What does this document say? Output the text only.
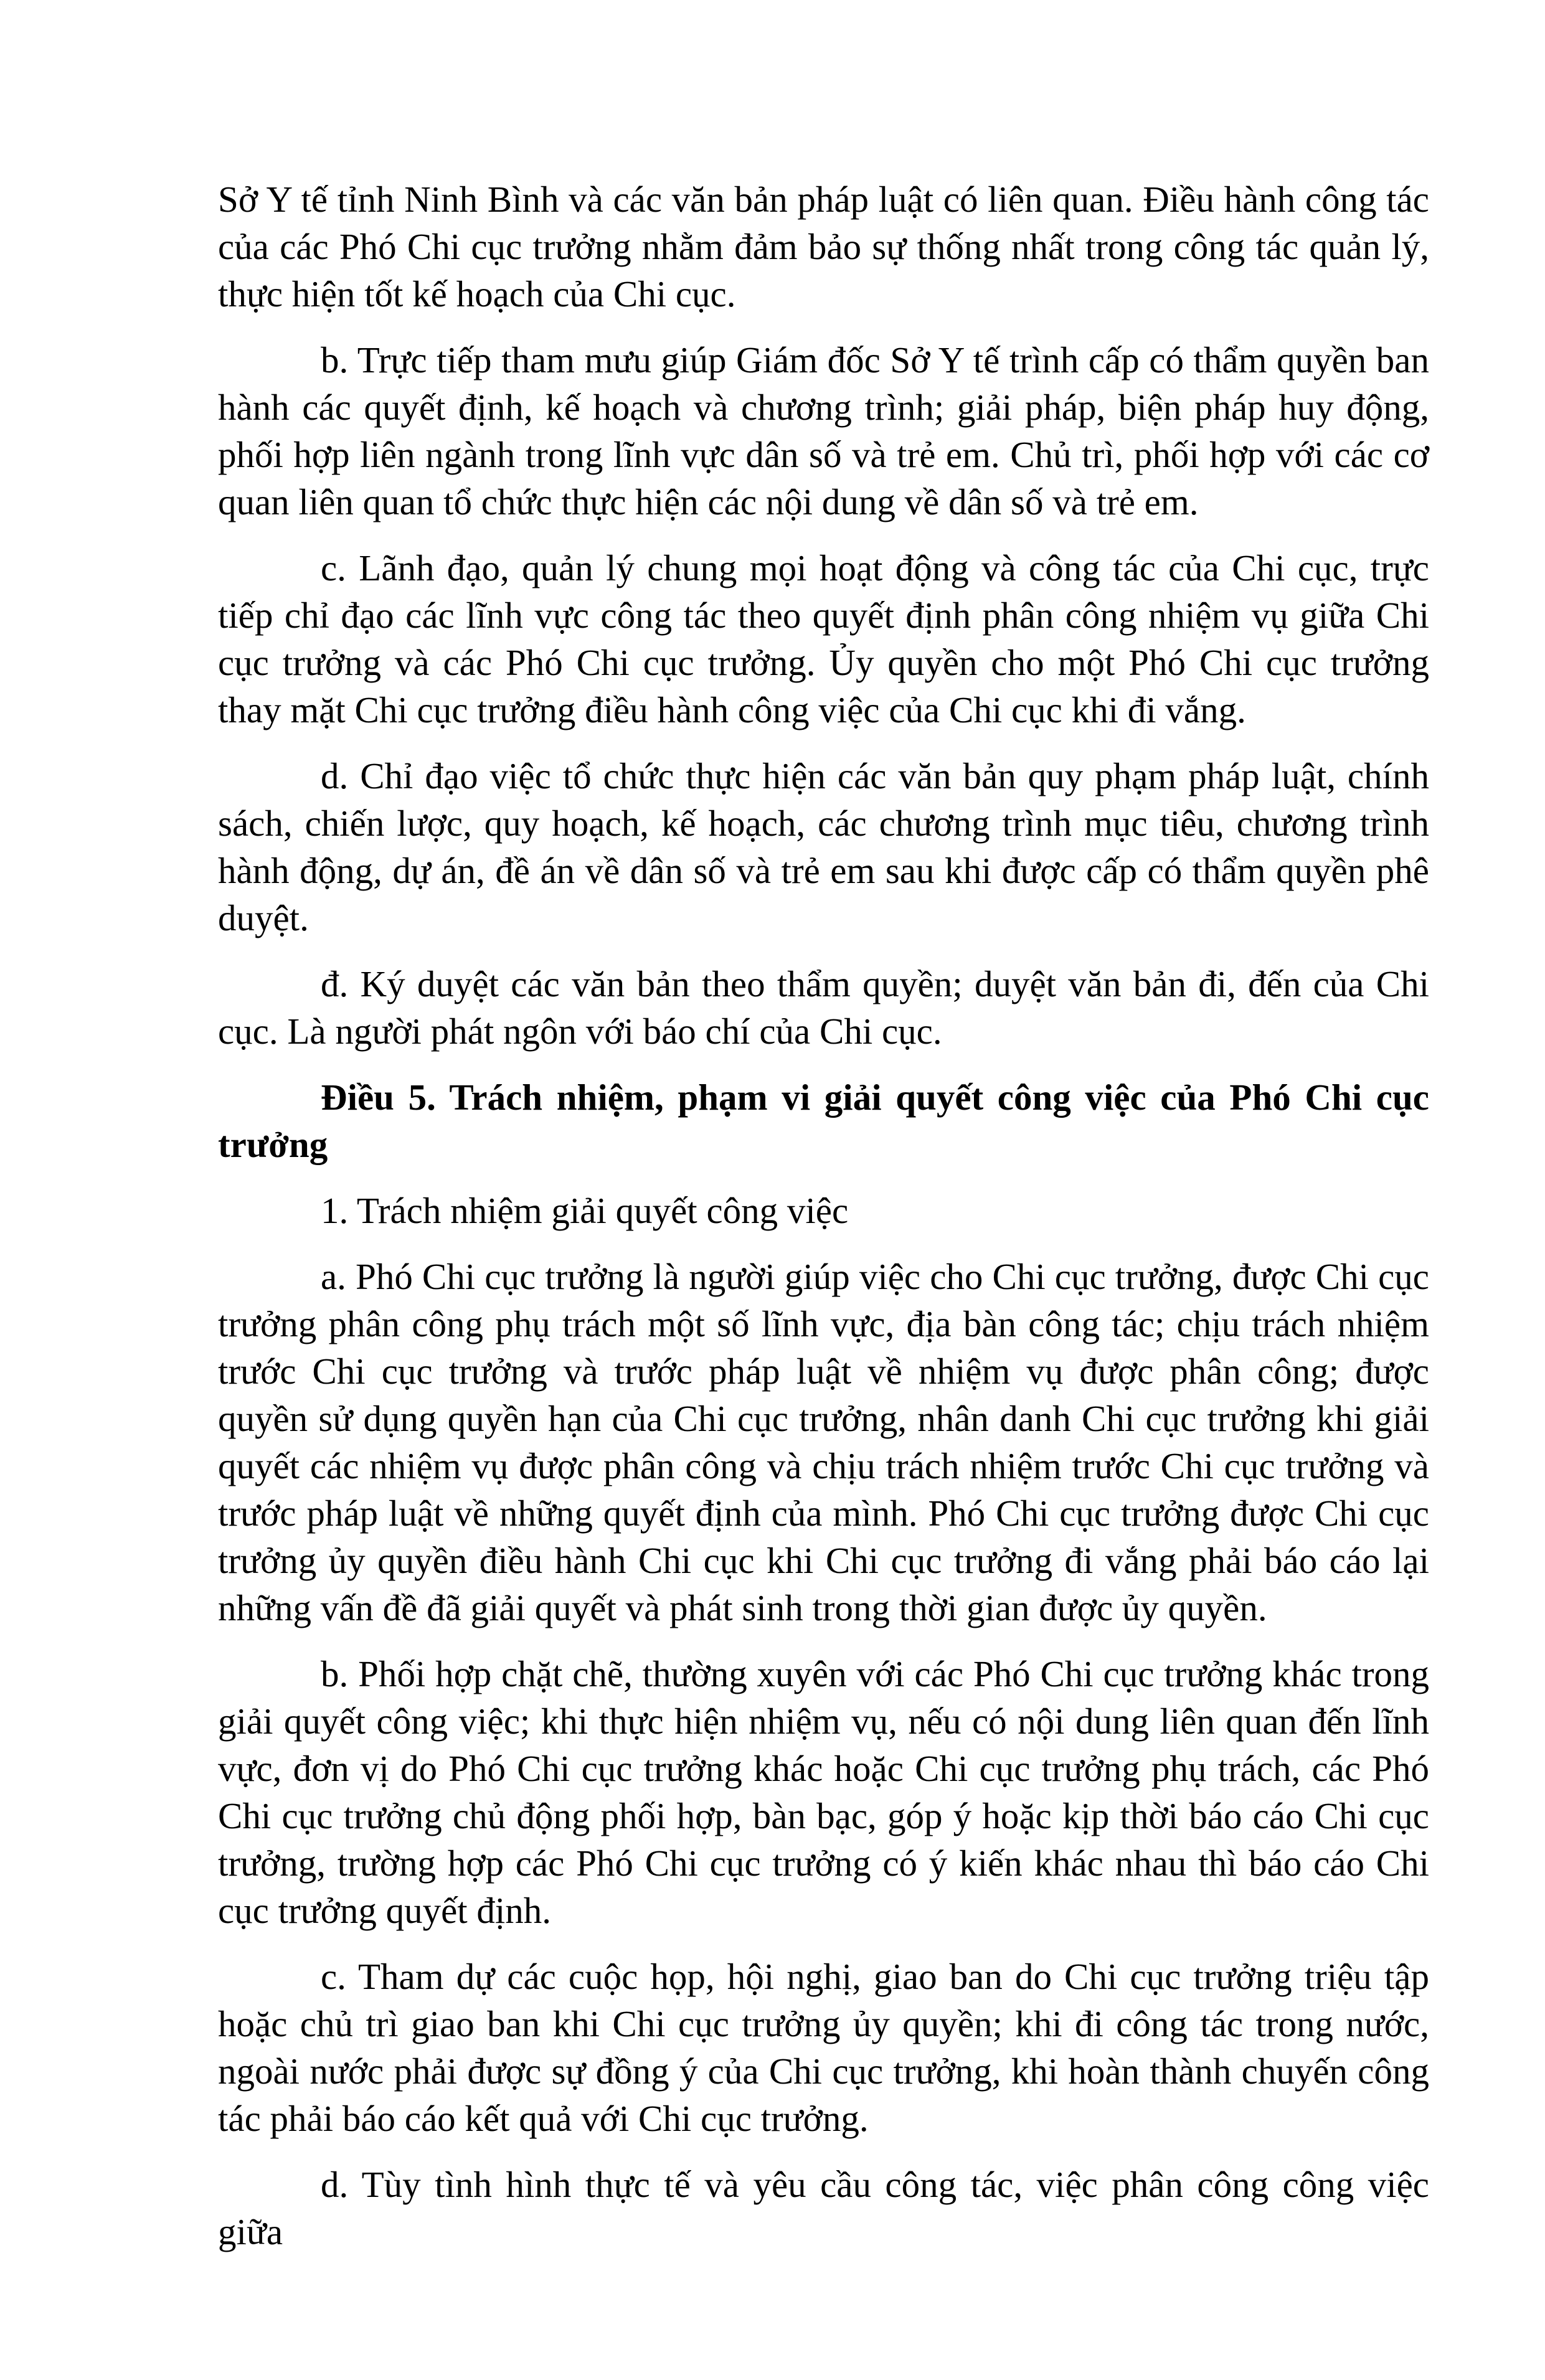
Sở Y tế tỉnh Ninh Bình và các văn bản pháp luật có liên quan. Điều hành công tác của các Phó Chi cục trưởng nhằm đảm bảo sự thống nhất trong công tác quản lý, thực hiện tốt kế hoạch của Chi cục.

b. Trực tiếp tham mưu giúp Giám đốc Sở Y tế trình cấp có thẩm quyền ban hành các quyết định, kế hoạch và chương trình; giải pháp, biện pháp huy động, phối hợp liên ngành trong lĩnh vực dân số và trẻ em. Chủ trì, phối hợp với các cơ quan liên quan tổ chức thực hiện các nội dung về dân số và trẻ em.

c. Lãnh đạo, quản lý chung mọi hoạt động và công tác của Chi cục, trực tiếp chỉ đạo các lĩnh vực công tác theo quyết định phân công nhiệm vụ giữa Chi cục trưởng và các Phó Chi cục trưởng. Ủy quyền cho một Phó Chi cục trưởng thay mặt Chi cục trưởng điều hành công việc của Chi cục khi đi vắng.

d. Chỉ đạo việc tổ chức thực hiện các văn bản quy phạm pháp luật, chính sách, chiến lược, quy hoạch, kế hoạch, các chương trình mục tiêu, chương trình hành động, dự án, đề án về dân số và trẻ em sau khi được cấp có thẩm quyền phê duyệt.

đ. Ký duyệt các văn bản theo thẩm quyền; duyệt văn bản đi, đến của Chi cục. Là người phát ngôn với báo chí của Chi cục.

Điều 5. Trách nhiệm, phạm vi giải quyết công việc của Phó Chi cục trưởng

1. Trách nhiệm giải quyết công việc

a. Phó Chi cục trưởng là người giúp việc cho Chi cục trưởng, được Chi cục trưởng phân công phụ trách một số lĩnh vực, địa bàn công tác; chịu trách nhiệm trước Chi cục trưởng và trước pháp luật về nhiệm vụ được phân công; được quyền sử dụng quyền hạn của Chi cục trưởng, nhân danh Chi cục trưởng khi giải quyết các nhiệm vụ được phân công và chịu trách nhiệm trước Chi cục trưởng và trước pháp luật về những quyết định của mình. Phó Chi cục trưởng được Chi cục trưởng ủy quyền điều hành Chi cục khi Chi cục trưởng đi vắng phải báo cáo lại những vấn đề đã giải quyết và phát sinh trong thời gian được ủy quyền.

b. Phối hợp chặt chẽ, thường xuyên với các Phó Chi cục trưởng khác trong giải quyết công việc; khi thực hiện nhiệm vụ, nếu có nội dung liên quan đến lĩnh vực, đơn vị do Phó Chi cục trưởng khác hoặc Chi cục trưởng phụ trách, các Phó Chi cục trưởng chủ động phối hợp, bàn bạc, góp ý hoặc kịp thời báo cáo Chi cục trưởng, trường hợp các Phó Chi cục trưởng có ý kiến khác nhau thì báo cáo Chi cục trưởng quyết định.

c. Tham dự các cuộc họp, hội nghị, giao ban do Chi cục trưởng triệu tập hoặc chủ trì giao ban khi Chi cục trưởng ủy quyền; khi đi công tác trong nước, ngoài nước phải được sự đồng ý của Chi cục trưởng, khi hoàn thành chuyến công tác phải báo cáo kết quả với Chi cục trưởng.

d. Tùy tình hình thực tế và yêu cầu công tác, việc phân công công việc giữa
